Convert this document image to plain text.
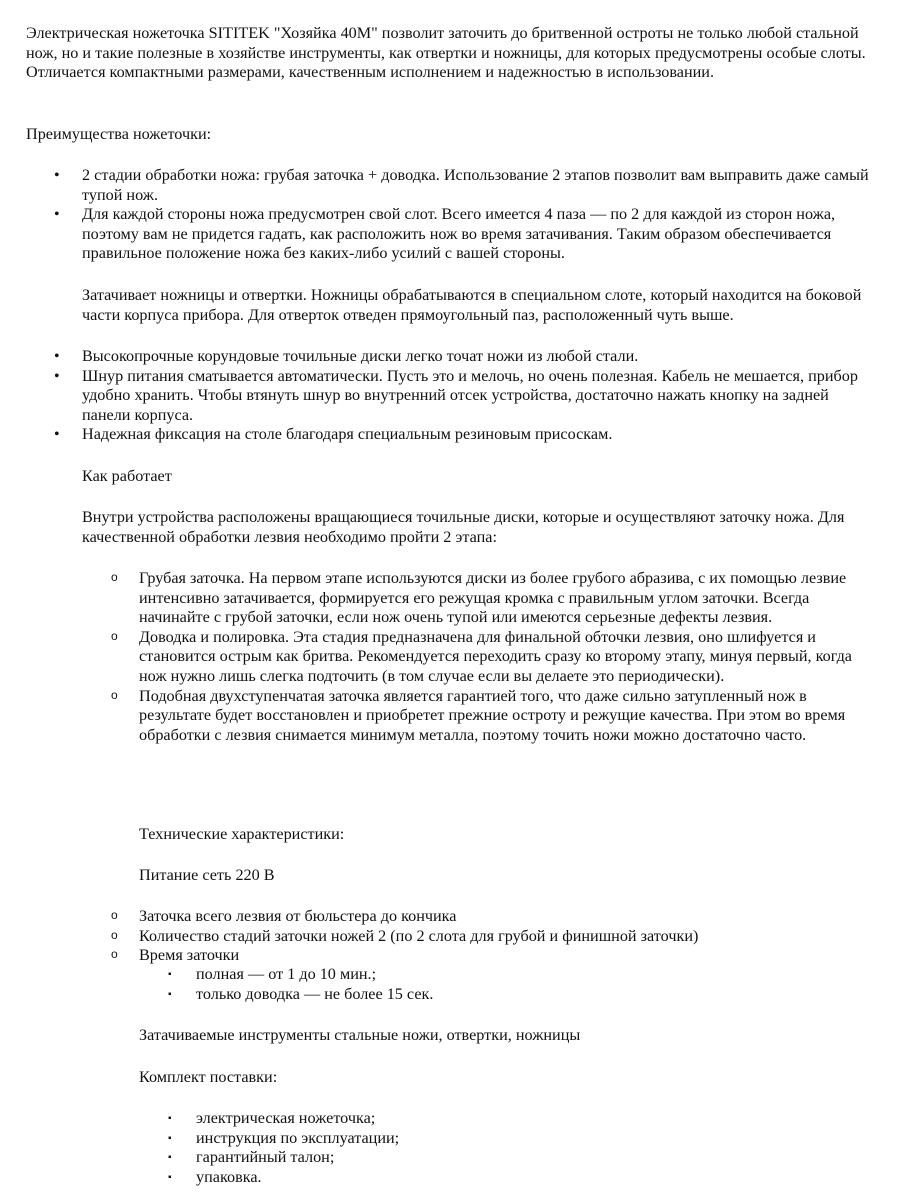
Электрическая ножеточка SITITEK "Хозяйка 40M" позволит заточить до бритвенной остроты не только любой стальной нож, но и такие полезные в хозяйстве инструменты, как отвертки и ножницы, для которых предусмотрены особые слоты. Отличается компактными размерами, качественным исполнением и надежностью в использовании.

Преимущества ножеточки:

• 2 стадии обработки ножа: грубая заточка + доводка. Использование 2 этапов позволит вам выправить даже самый тупой нож.
• Для каждой стороны ножа предусмотрен свой слот. Всего имеется 4 паза — по 2 для каждой из сторон ножа, поэтому вам не придется гадать, как расположить нож во время затачивания. Таким образом обеспечивается правильное положение ножа без каких-либо усилий с вашей стороны.

Затачивает ножницы и отвертки. Ножницы обрабатываются в специальном слоте, который находится на боковой части корпуса прибора. Для отверток отведен прямоугольный паз, расположенный чуть выше.

• Высокопрочные корундовые точильные диски легко точат ножи из любой стали.
• Шнур питания сматывается автоматически. Пусть это и мелочь, но очень полезная. Кабель не мешается, прибор удобно хранить. Чтобы втянуть шнур во внутренний отсек устройства, достаточно нажать кнопку на задней панели корпуса.
• Надежная фиксация на столе благодаря специальным резиновым присоскам.

Как работает

Внутри устройства расположены вращающиеся точильные диски, которые и осуществляют заточку ножа. Для качественной обработки лезвия необходимо пройти 2 этапа:

o Грубая заточка. На первом этапе используются диски из более грубого абразива, с их помощью лезвие интенсивно затачивается, формируется его режущая кромка с правильным углом заточки. Всегда начинайте с грубой заточки, если нож очень тупой или имеются серьезные дефекты лезвия.
o Доводка и полировка. Эта стадия предназначена для финальной обточки лезвия, оно шлифуется и становится острым как бритва. Рекомендуется переходить сразу ко второму этапу, минуя первый, когда нож нужно лишь слегка подточить (в том случае если вы делаете это периодически).
o Подобная двухступенчатая заточка является гарантией того, что даже сильно затупленный нож в результате будет восстановлен и приобретет прежние остроту и режущие качества. При этом во время обработки с лезвия снимается минимум металла, поэтому точить ножи можно достаточно часто.

Технические характеристики:

Питание сеть 220 В

o Заточка всего лезвия от бюльстера до кончика
o Количество стадий заточки ножей 2 (по 2 слота для грубой и финишной заточки)
o Время заточки
▪ полная — от 1 до 10 мин.;
▪ только доводка — не более 15 сек.

Затачиваемые инструменты стальные ножи, отвертки, ножницы

Комплект поставки:

▪ электрическая ножеточка;
▪ инструкция по эксплуатации;
▪ гарантийный талон;
▪ упаковка.
